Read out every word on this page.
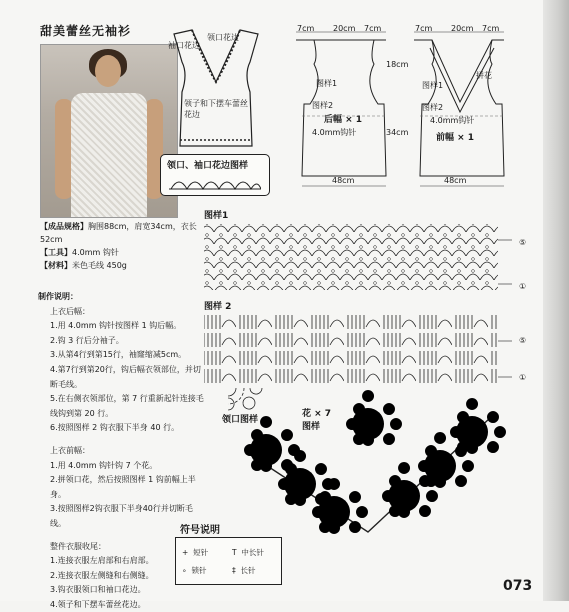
甜美蕾丝无袖衫
【成品规格】胸围88cm，肩宽34cm，衣长52cm
【工具】4.0mm 钩针
【材料】米色毛线 450g
制作说明：
上衣后幅：
1.用 4.0mm 钩针按图样 1 钩后幅。
2.钩 3 行后分袖子。
3.从第4行到第15行，袖窿缩减5cm。
4.第7行到第20行，钩后幅衣领部位，并切断毛线。
5.在右侧衣领部位，第 7 行重新起针连接毛线钩到第 20 行。
6.按照图样 2 钩衣服下半身 40 行。
上衣前幅：
1.用 4.0mm 钩针钩 7 个花。
2.拼领口花，然后按照图样 1 钩前幅上半身。
3.按照图样2钩衣服下半身40行并切断毛线。
整件衣服收尾：
1.连接衣服左肩部和右肩部。
2.连接衣服左侧缝和右侧缝。
3.钩衣服领口和袖口花边。
4.领子和下摆车蕾丝花边。
领口花边
袖口花边
领子和下摆车蕾丝花边
领口、袖口花边图样
7cm 20cm 7cm
18cm
34cm
图样1
图样2
后幅 × 1
4.0mm钩针
48cm
7cm 20cm 7cm
拼花
图样1
图样2
4.0mm钩针
前幅 × 1
48cm
图样1
⑤
①
图样 2
⑤
①
领口图样
花 × 7
图样
符号说明
+ 短针	T 中长针
∘ 锁针	‡ 长针
073
